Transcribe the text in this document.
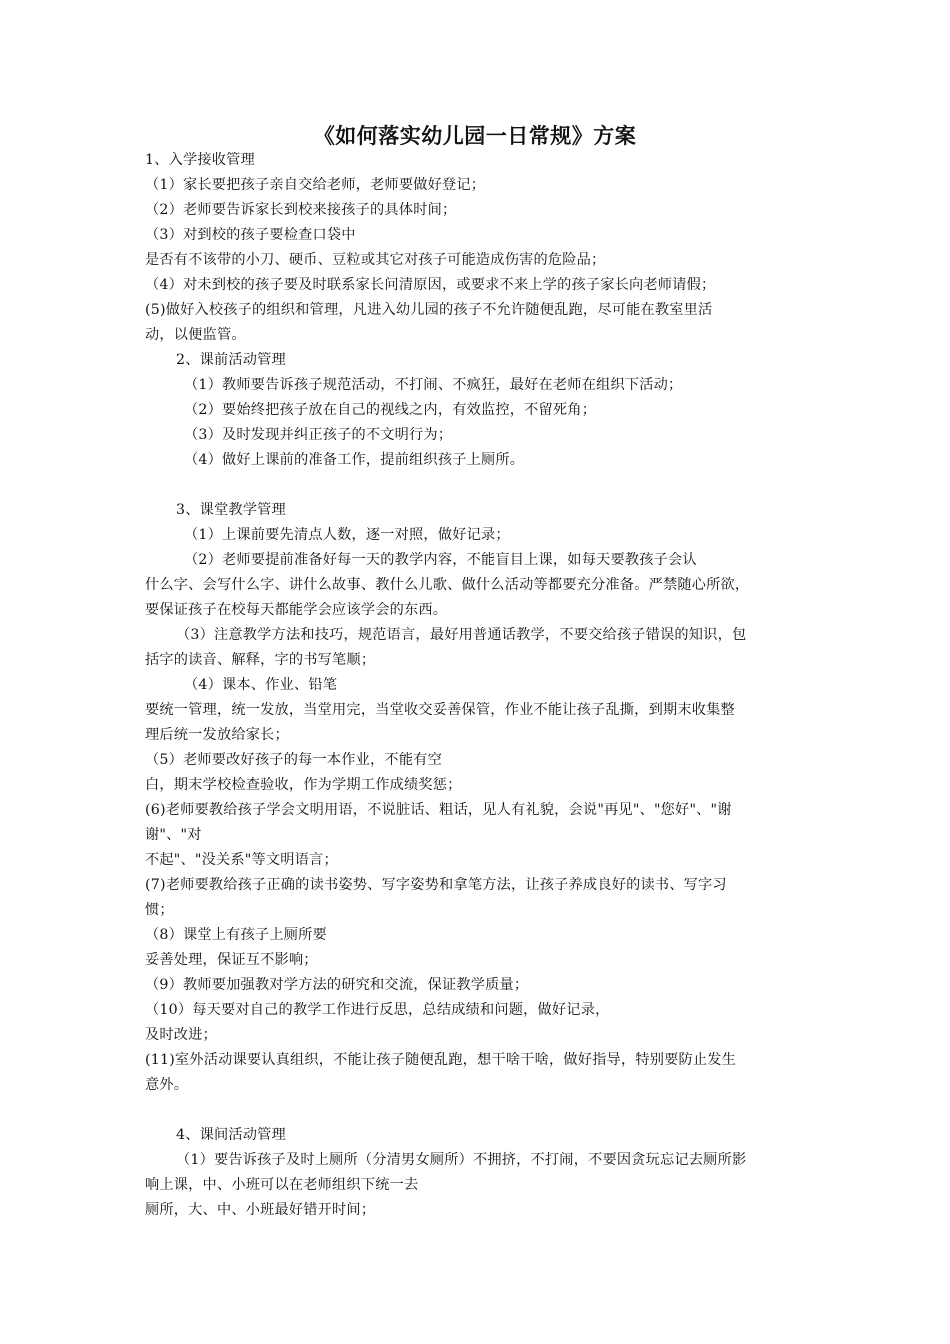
《如何落实幼儿园一日常规》方案
1、入学接收管理
（1）家长要把孩子亲自交给老师，老师要做好登记；
（2）老师要告诉家长到校来接孩子的具体时间；
（3）对到校的孩子要检查口袋中
是否有不该带的小刀、硬币、豆粒或其它对孩子可能造成伤害的危险品；
（4）对未到校的孩子要及时联系家长问清原因，或要求不来上学的孩子家长向老师请假；
(5)做好入校孩子的组织和管理，凡进入幼儿园的孩子不允许随便乱跑，尽可能在教室里活
动，以便监管。
2、课前活动管理
（1）教师要告诉孩子规范活动，不打闹、不疯狂，最好在老师在组织下活动；
（2）要始终把孩子放在自己的视线之内，有效监控，不留死角；
（3）及时发现并纠正孩子的不文明行为；
（4）做好上课前的准备工作，提前组织孩子上厕所。
3、课堂教学管理
（1）上课前要先清点人数，逐一对照，做好记录；
（2）老师要提前准备好每一天的教学内容，不能盲目上课，如每天要教孩子会认
什么字、会写什么字、讲什么故事、教什么儿歌、做什么活动等都要充分准备。严禁随心所欲，
要保证孩子在校每天都能学会应该学会的东西。
（3）注意教学方法和技巧，规范语言，最好用普通话教学，不要交给孩子错误的知识，包
括字的读音、解释，字的书写笔顺；
（4）课本、作业、铅笔
要统一管理，统一发放，当堂用完，当堂收交妥善保管，作业不能让孩子乱撕，到期末收集整
理后统一发放给家长；
（5）老师要改好孩子的每一本作业，不能有空
白，期末学校检查验收，作为学期工作成绩奖惩；
(6)老师要教给孩子学会文明用语，不说脏话、粗话，见人有礼貌，会说"再见"、"您好"、"谢
谢"、"对
不起"、"没关系"等文明语言；
(7)老师要教给孩子正确的读书姿势、写字姿势和拿笔方法，让孩子养成良好的读书、写字习
惯；
（8）课堂上有孩子上厕所要
妥善处理，保证互不影响；
（9）教师要加强教对学方法的研究和交流，保证教学质量；
（10）每天要对自己的教学工作进行反思，总结成绩和问题，做好记录，
及时改进；
(11)室外活动课要认真组织，不能让孩子随便乱跑，想干啥干啥，做好指导，特别要防止发生
意外。
4、课间活动管理
（1）要告诉孩子及时上厕所（分清男女厕所）不拥挤，不打闹，不要因贪玩忘记去厕所影
响上课，中、小班可以在老师组织下统一去
厕所，大、中、小班最好错开时间；
